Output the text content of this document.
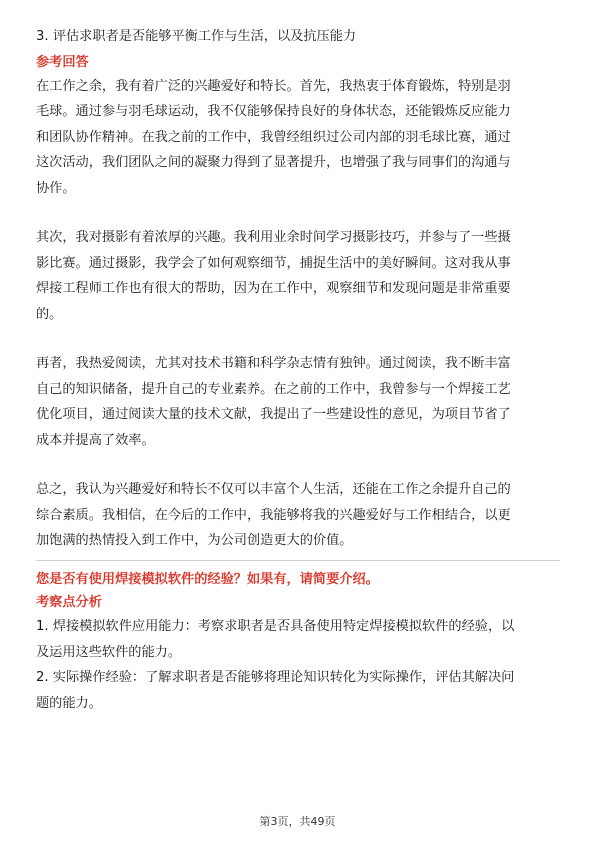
3. 评估求职者是否能够平衡工作与生活，以及抗压能力
参考回答
在工作之余，我有着广泛的兴趣爱好和特长。首先，我热衷于体育锻炼，特别是羽
毛球。通过参与羽毛球运动，我不仅能够保持良好的身体状态，还能锻炼反应能力
和团队协作精神。在我之前的工作中，我曾经组织过公司内部的羽毛球比赛，通过
这次活动，我们团队之间的凝聚力得到了显著提升，也增强了我与同事们的沟通与
协作。
其次，我对摄影有着浓厚的兴趣。我利用业余时间学习摄影技巧，并参与了一些摄
影比赛。通过摄影，我学会了如何观察细节，捕捉生活中的美好瞬间。这对我从事
焊接工程师工作也有很大的帮助，因为在工作中，观察细节和发现问题是非常重要
的。
再者，我热爱阅读，尤其对技术书籍和科学杂志情有独钟。通过阅读，我不断丰富
自己的知识储备，提升自己的专业素养。在之前的工作中，我曾参与一个焊接工艺
优化项目，通过阅读大量的技术文献，我提出了一些建设性的意见，为项目节省了
成本并提高了效率。
总之，我认为兴趣爱好和特长不仅可以丰富个人生活，还能在工作之余提升自己的
综合素质。我相信，在今后的工作中，我能够将我的兴趣爱好与工作相结合，以更
加饱满的热情投入到工作中，为公司创造更大的价值。
您是否有使用焊接模拟软件的经验？如果有，请简要介绍。
考察点分析
1. 焊接模拟软件应用能力：考察求职者是否具备使用特定焊接模拟软件的经验，以
及运用这些软件的能力。
2. 实际操作经验：了解求职者是否能够将理论知识转化为实际操作，评估其解决问
题的能力。
第3页，共49页
